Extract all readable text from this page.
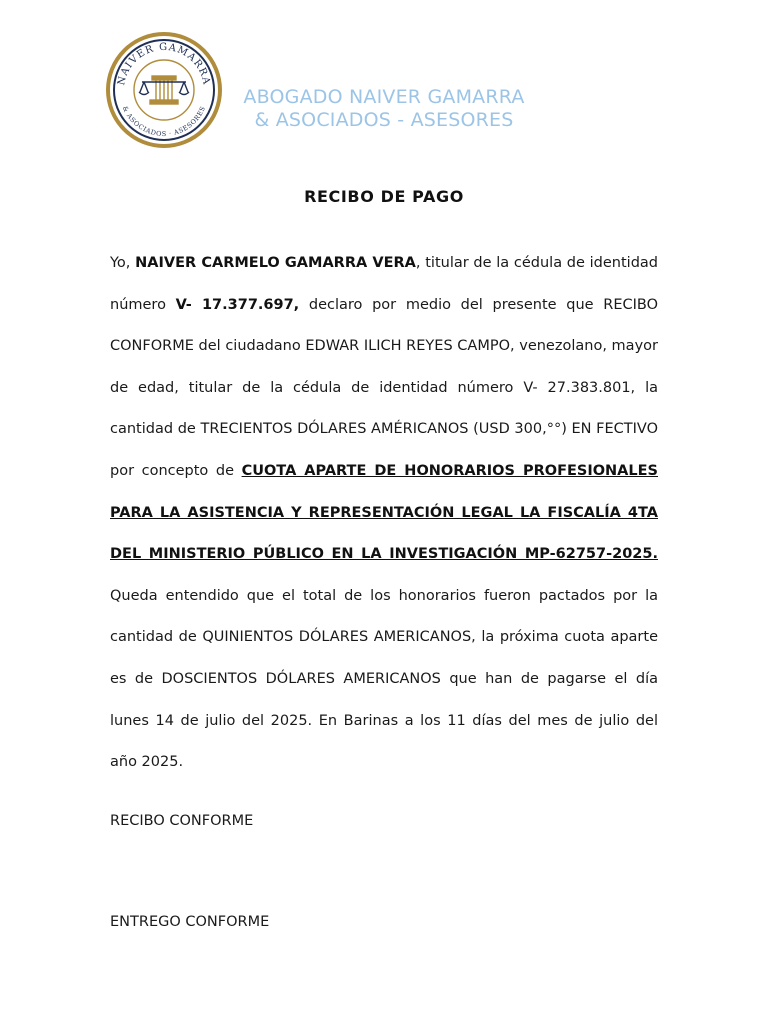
NAIVER GAMARRA
& ASOCIADOS · ASESORES
ABOGADO NAIVER GAMARRA
& ASOCIADOS - ASESORES
RECIBO DE PAGO
Yo, NAIVER CARMELO GAMARRA VERA, titular de la cédula de identidad número V- 17.377.697, declaro por medio del presente que RECIBO CONFORME del ciudadano EDWAR ILICH REYES CAMPO, venezolano, mayor de edad, titular de la cédula de identidad número V- 27.383.801, la cantidad de TRECIENTOS DÓLARES AMÉRICANOS (USD 300,°°) EN FECTIVO por concepto de CUOTA APARTE DE HONORARIOS PROFESIONALES PARA LA ASISTENCIA Y REPRESENTACIÓN LEGAL LA FISCALÍA 4TA DEL MINISTERIO PÚBLICO EN LA INVESTIGACIÓN MP-62757-2025. Queda entendido que el total de los honorarios fueron pactados por la cantidad de QUINIENTOS DÓLARES AMERICANOS, la próxima cuota aparte es de DOSCIENTOS DÓLARES AMERICANOS que han de pagarse el día lunes 14 de julio del 2025. En Barinas a los 11 días del mes de julio del año 2025.
RECIBO CONFORME
ENTREGO CONFORME
